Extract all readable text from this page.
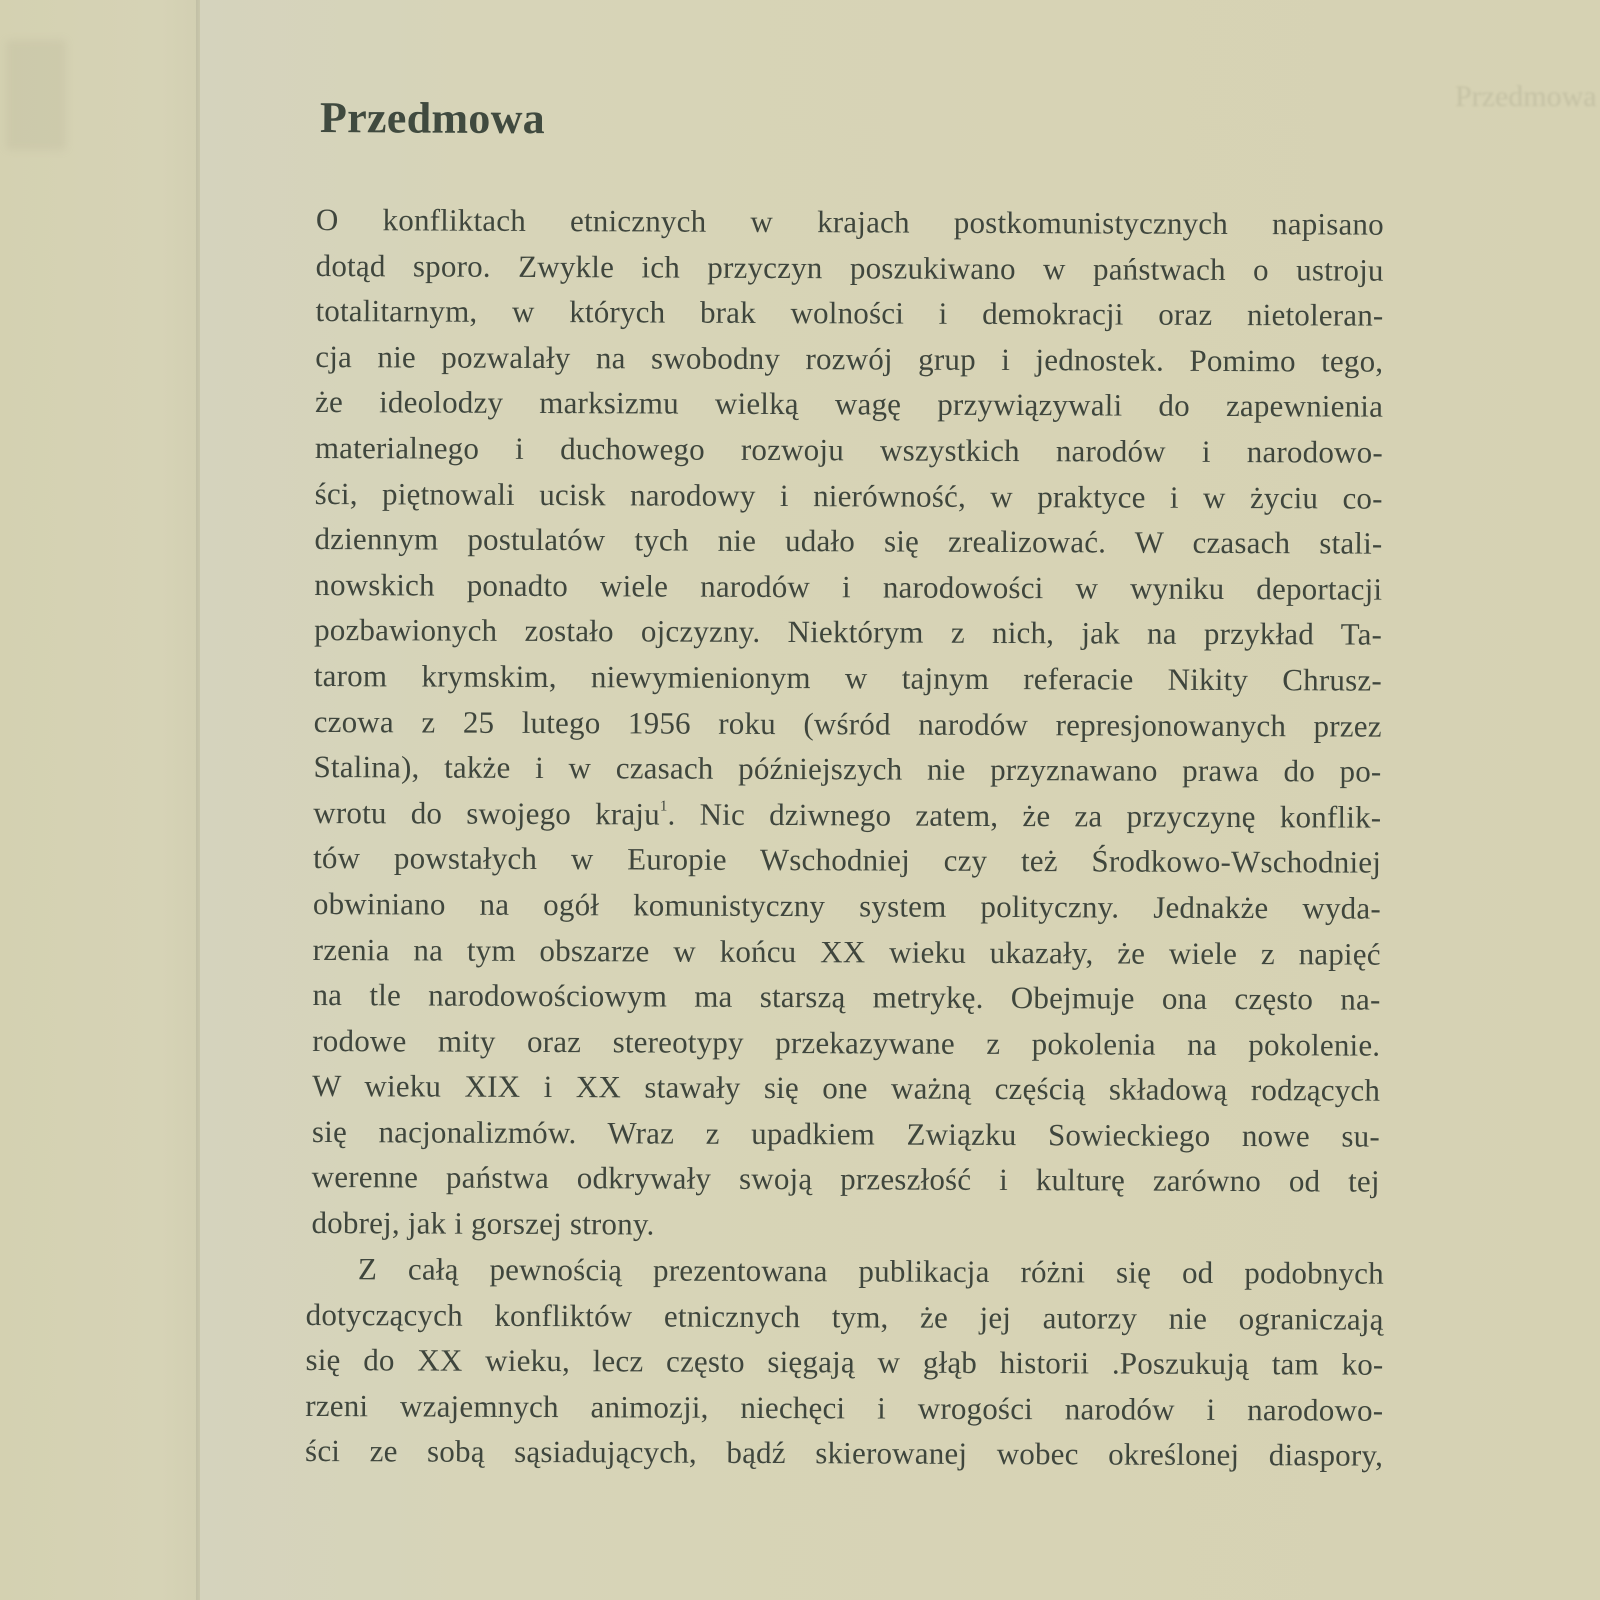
Przedmowa
Przedmowa
O konfliktach etnicznych w krajach postkomunistycznych napisano
dotąd sporo. Zwykle ich przyczyn poszukiwano w państwach o ustroju
totalitarnym, w których brak wolności i demokracji oraz nietoleran-
cja nie pozwalały na swobodny rozwój grup i jednostek. Pomimo tego,
że ideolodzy marksizmu wielką wagę przywiązywali do zapewnienia
materialnego i duchowego rozwoju wszystkich narodów i narodowo-
ści, piętnowali ucisk narodowy i nierówność, w praktyce i w życiu co-
dziennym postulatów tych nie udało się zrealizować. W czasach stali-
nowskich ponadto wiele narodów i narodowości w wyniku deportacji
pozbawionych zostało ojczyzny. Niektórym z nich, jak na przykład Ta-
tarom krymskim, niewymienionym w tajnym referacie Nikity Chrusz-
czowa z 25 lutego 1956 roku (wśród narodów represjonowanych przez
Stalina), także i w czasach późniejszych nie przyznawano prawa do po-
wrotu do swojego kraju$^1$. Nic dziwnego zatem, że za przyczynę konflik-
tów powstałych w Europie Wschodniej czy też Środkowo-Wschodniej
obwiniano na ogół komunistyczny system polityczny. Jednakże wyda-
rzenia na tym obszarze w końcu XX wieku ukazały, że wiele z napięć
na tle narodowościowym ma starszą metrykę. Obejmuje ona często na-
rodowe mity oraz stereotypy przekazywane z pokolenia na pokolenie.
W wieku XIX i XX stawały się one ważną częścią składową rodzących
się nacjonalizmów. Wraz z upadkiem Związku Sowieckiego nowe su-
werenne państwa odkrywały swoją przeszłość i kulturę zarówno od tej
dobrej, jak i gorszej strony.
Z całą pewnością prezentowana publikacja różni się od podobnych
dotyczących konfliktów etnicznych tym, że jej autorzy nie ograniczają
się do XX wieku, lecz często sięgają w głąb historii .Poszukują tam ko-
rzeni wzajemnych animozji, niechęci i wrogości narodów i narodowo-
ści ze sobą sąsiadujących, bądź skierowanej wobec określonej diaspory,
